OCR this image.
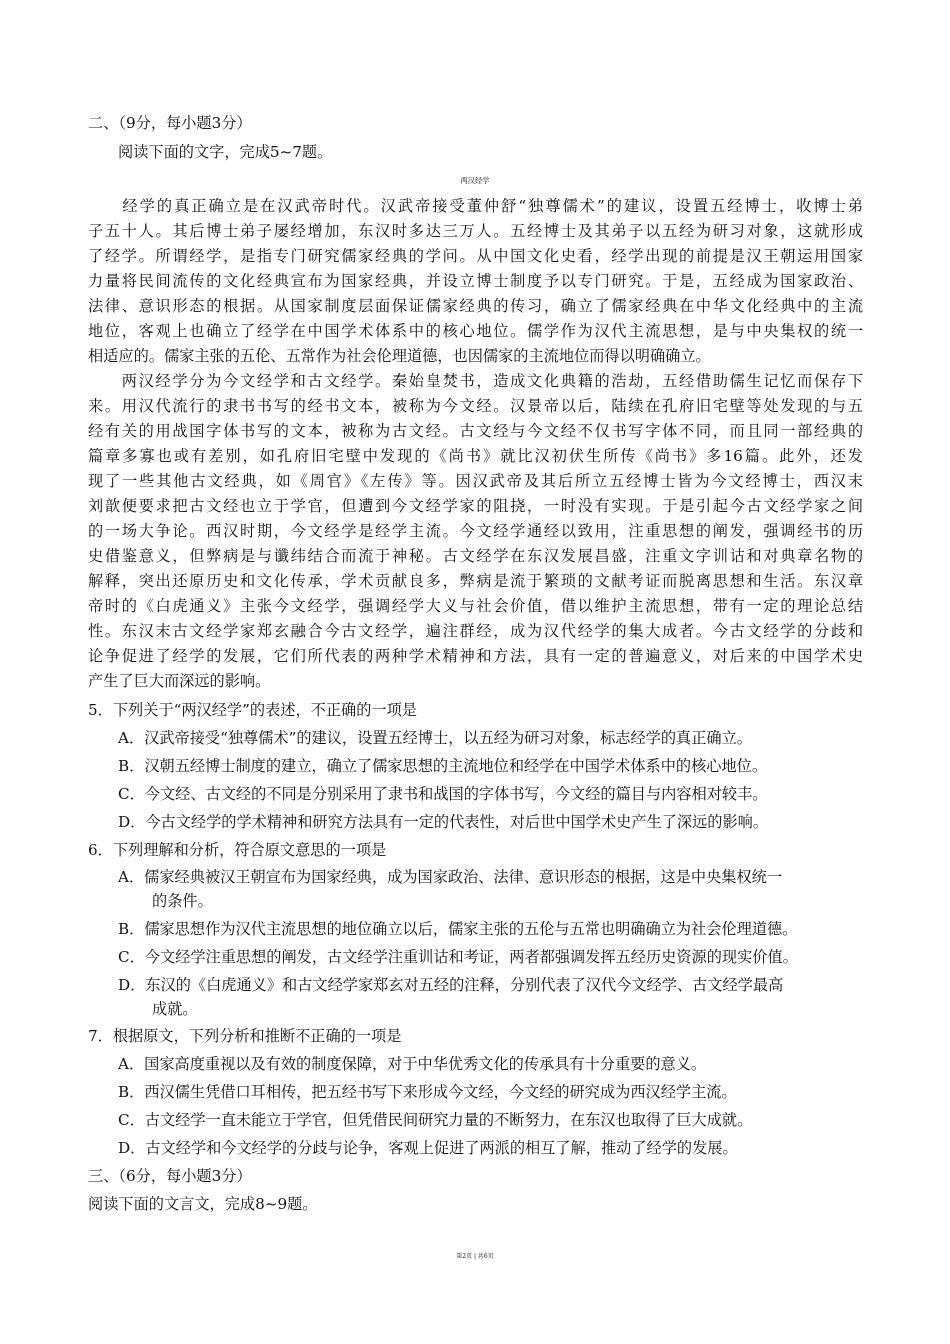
二、（9分，每小题3分）
阅读下面的文字，完成5~7题。
两汉经学
　　经学的真正确立是在汉武帝时代。汉武帝接受董仲舒“独尊儒术”的建议，设置五经博士，收博士弟
子五十人。其后博士弟子屡经增加，东汉时多达三万人。五经博士及其弟子以五经为研习对象，这就形成
了经学。所谓经学，是指专门研究儒家经典的学问。从中国文化史看，经学出现的前提是汉王朝运用国家
力量将民间流传的文化经典宣布为国家经典，并设立博士制度予以专门研究。于是，五经成为国家政治、
法律、意识形态的根据。从国家制度层面保证儒家经典的传习，确立了儒家经典在中华文化经典中的主流
地位，客观上也确立了经学在中国学术体系中的核心地位。儒学作为汉代主流思想，是与中央集权的统一
相适应的。儒家主张的五伦、五常作为社会伦理道德，也因儒家的主流地位而得以明确确立。
　　两汉经学分为今文经学和古文经学。秦始皇焚书，造成文化典籍的浩劫，五经借助儒生记忆而保存下
来。用汉代流行的隶书书写的经书文本，被称为今文经。汉景帝以后，陆续在孔府旧宅壁等处发现的与五
经有关的用战国字体书写的文本，被称为古文经。古文经与今文经不仅书写字体不同，而且同一部经典的
篇章多寡也或有差别，如孔府旧宅壁中发现的《尚书》就比汉初伏生所传《尚书》多16篇。此外，还发
现了一些其他古文经典，如《周官》《左传》等。因汉武帝及其后所立五经博士皆为今文经博士，西汉末
刘歆便要求把古文经也立于学官，但遭到今文经学家的阻挠，一时没有实现。于是引起今古文经学家之间
的一场大争论。西汉时期，今文经学是经学主流。今文经学通经以致用，注重思想的阐发，强调经书的历
史借鉴意义，但弊病是与谶纬结合而流于神秘。古文经学在东汉发展昌盛，注重文字训诂和对典章名物的
解释，突出还原历史和文化传承，学术贡献良多，弊病是流于繁琐的文献考证而脱离思想和生活。东汉章
帝时的《白虎通义》主张今文经学，强调经学大义与社会价值，借以维护主流思想，带有一定的理论总结
性。东汉末古文经学家郑玄融合今古文经学，遍注群经，成为汉代经学的集大成者。今古文经学的分歧和
论争促进了经学的发展，它们所代表的两种学术精神和方法，具有一定的普遍意义，对后来的中国学术史
产生了巨大而深远的影响。
5．下列关于“两汉经学”的表述，不正确的一项是
A．汉武帝接受“独尊儒术”的建议，设置五经博士，以五经为研习对象，标志经学的真正确立。
B．汉朝五经博士制度的建立，确立了儒家思想的主流地位和经学在中国学术体系中的核心地位。
C．今文经、古文经的不同是分别采用了隶书和战国的字体书写，今文经的篇目与内容相对较丰。
D．今古文经学的学术精神和研究方法具有一定的代表性，对后世中国学术史产生了深远的影响。
6．下列理解和分析，符合原文意思的一项是
A．儒家经典被汉王朝宣布为国家经典，成为国家政治、法律、意识形态的根据，这是中央集权统一
的条件。
B．儒家思想作为汉代主流思想的地位确立以后，儒家主张的五伦与五常也明确确立为社会伦理道德。
C．今文经学注重思想的阐发，古文经学注重训诂和考证，两者都强调发挥五经历史资源的现实价值。
D．东汉的《白虎通义》和古文经学家郑玄对五经的注释，分别代表了汉代今文经学、古文经学最高
成就。
7．根据原文，下列分析和推断不正确的一项是
A．国家高度重视以及有效的制度保障，对于中华优秀文化的传承具有十分重要的意义。
B．西汉儒生凭借口耳相传，把五经书写下来形成今文经，今文经的研究成为西汉经学主流。
C．古文经学一直未能立于学官，但凭借民间研究力量的不断努力，在东汉也取得了巨大成就。
D．古文经学和今文经学的分歧与论争，客观上促进了两派的相互了解，推动了经学的发展。
三、（6分，每小题3分）
阅读下面的文言文，完成8~9题。
第2页 | 共6页
